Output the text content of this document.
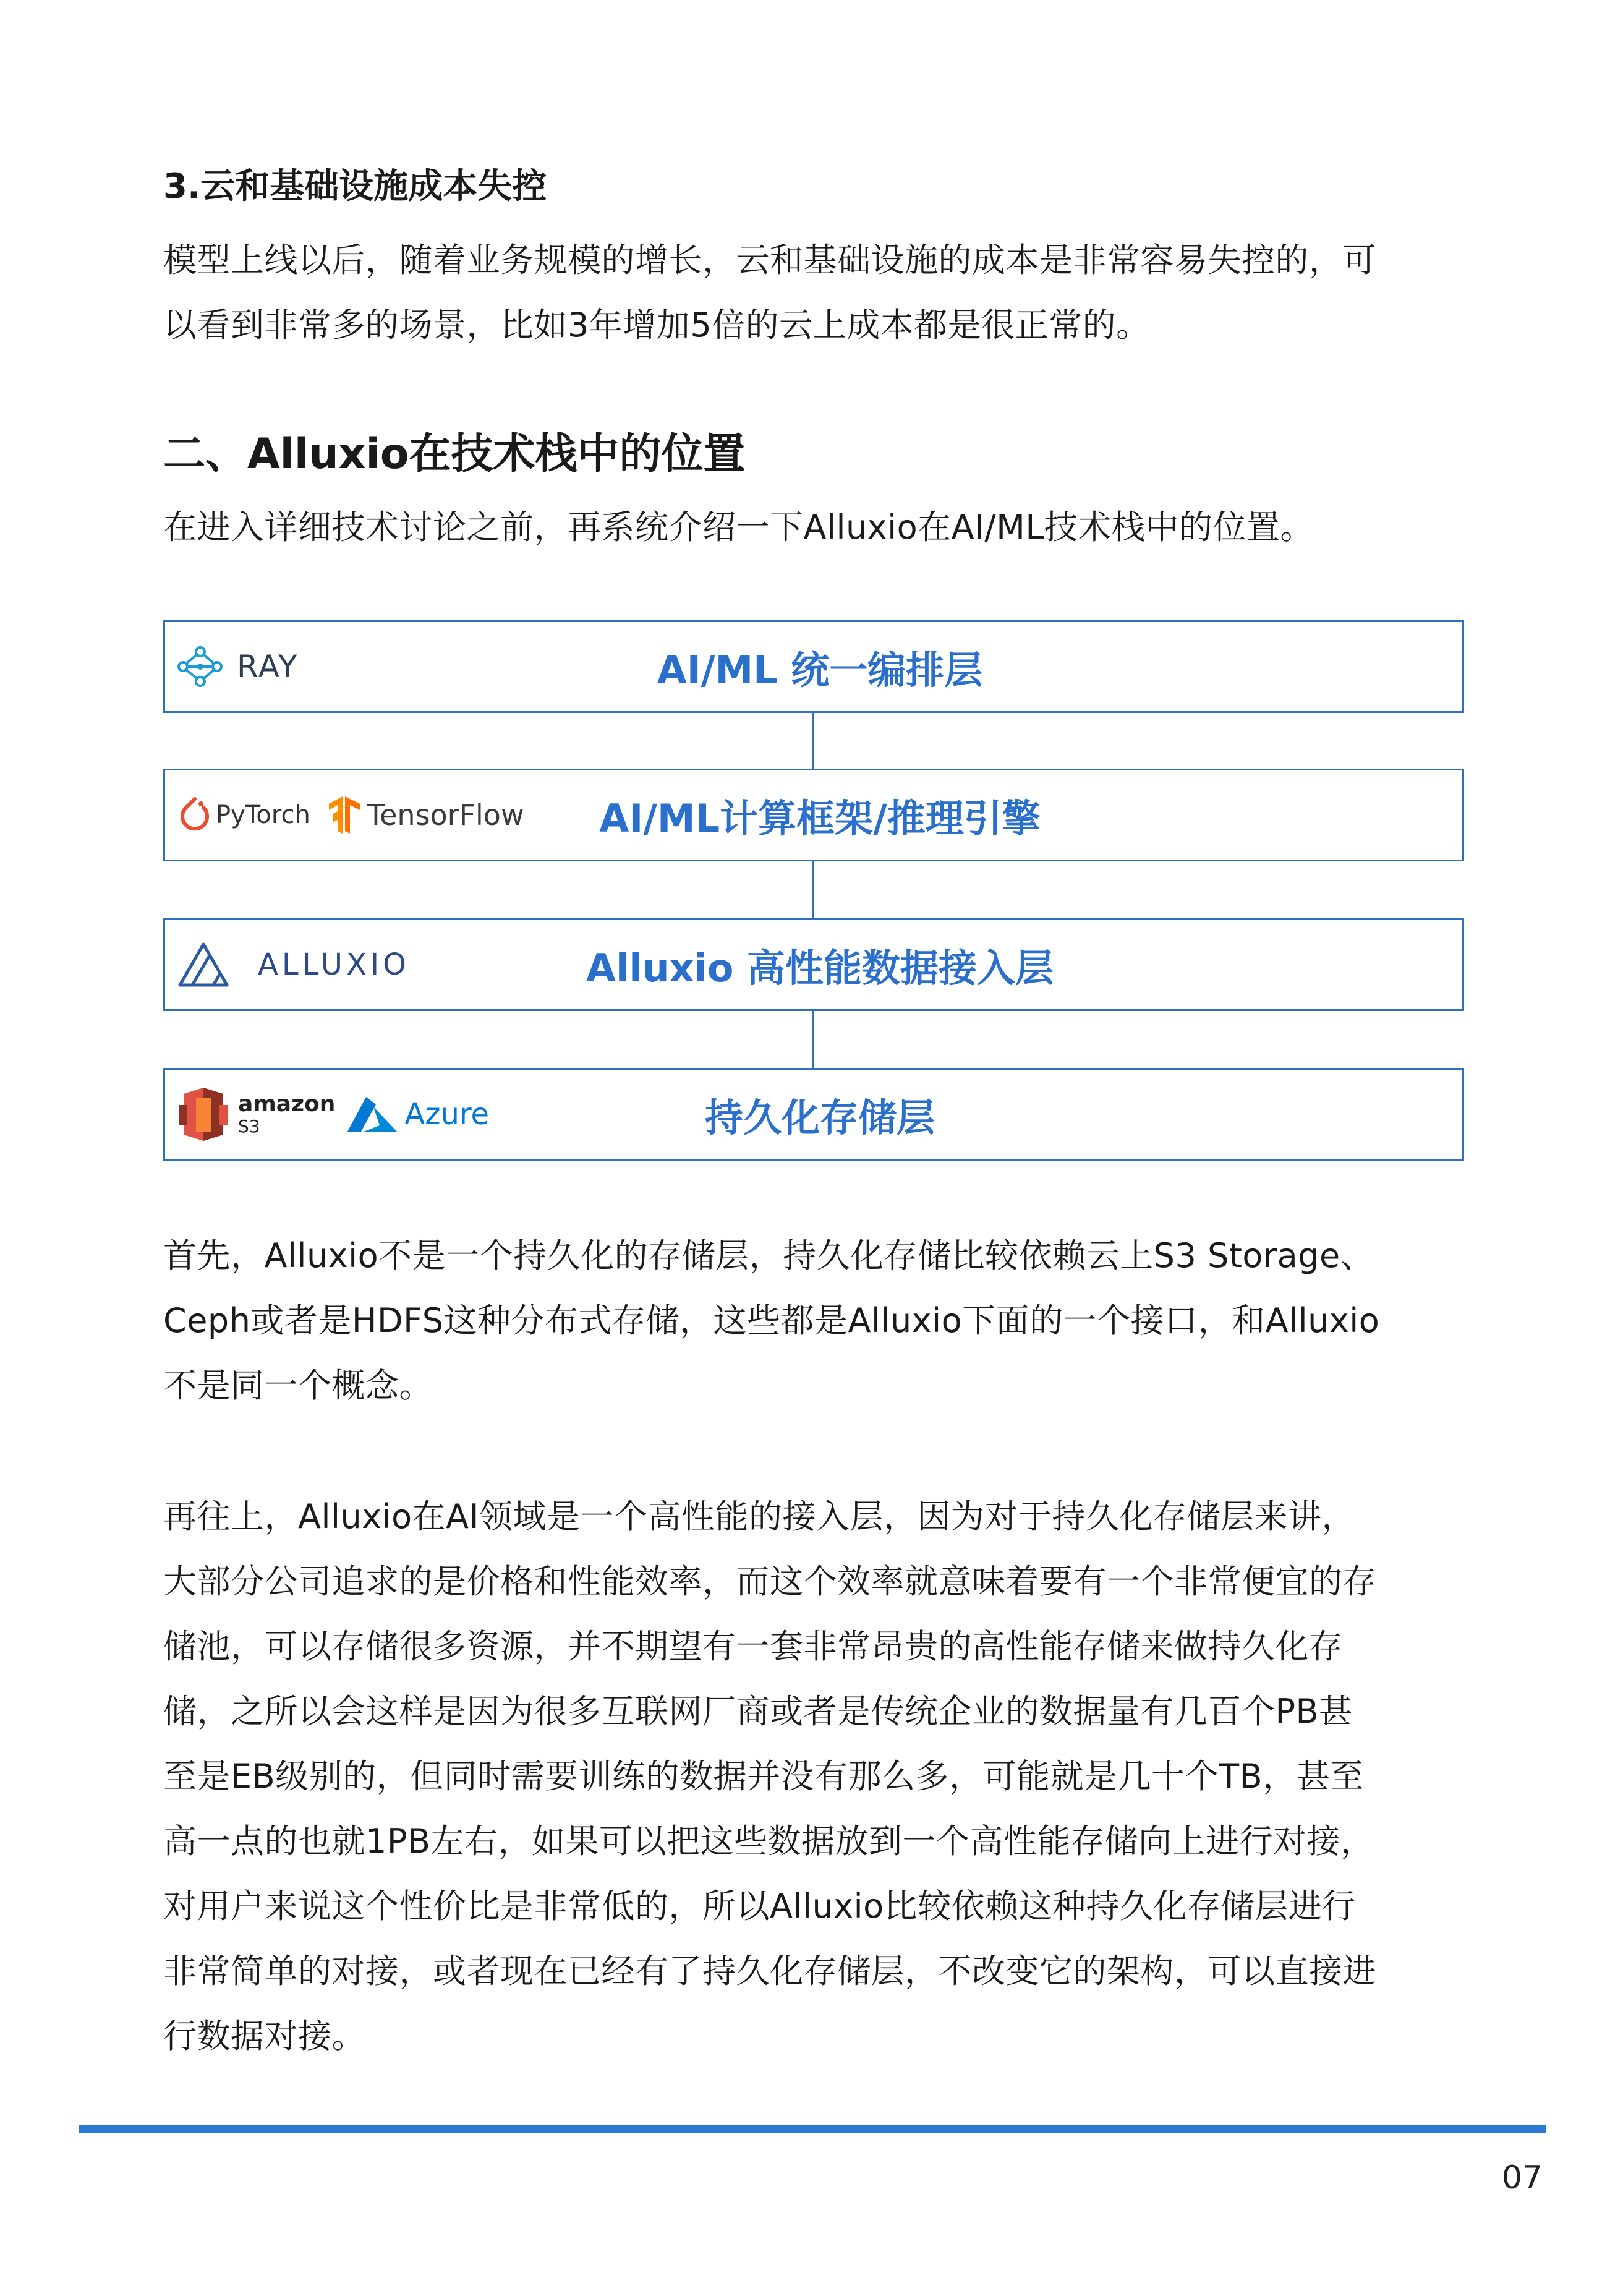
3.云和基础设施成本失控
模型上线以后，随着业务规模的增长，云和基础设施的成本是非常容易失控的，可
以看到非常多的场景，比如3年增加5倍的云上成本都是很正常的。
二、Alluxio在技术栈中的位置
在进入详细技术讨论之前，再系统介绍一下Alluxio在AI/ML技术栈中的位置。
RAY	AI/ML 统一编排层
PyTorch TensorFlow	AI/ML计算框架/推理引擎
ALLUXIO	Alluxio 高性能数据接入层
amazon
S3	Azure	持久化存储层
首先，Alluxio不是一个持久化的存储层，持久化存储比较依赖云上S3 Storage、
Ceph或者是HDFS这种分布式存储，这些都是Alluxio下面的一个接口，和Alluxio
不是同一个概念。
再往上，Alluxio在AI领域是一个高性能的接入层，因为对于持久化存储层来讲，
大部分公司追求的是价格和性能效率，而这个效率就意味着要有一个非常便宜的存
储池，可以存储很多资源，并不期望有一套非常昂贵的高性能存储来做持久化存
储，之所以会这样是因为很多互联网厂商或者是传统企业的数据量有几百个PB甚
至是EB级别的，但同时需要训练的数据并没有那么多，可能就是几十个TB，甚至
高一点的也就1PB左右，如果可以把这些数据放到一个高性能存储向上进行对接，
对用户来说这个性价比是非常低的，所以Alluxio比较依赖这种持久化存储层进行
非常简单的对接，或者现在已经有了持久化存储层，不改变它的架构，可以直接进
行数据对接。
07
